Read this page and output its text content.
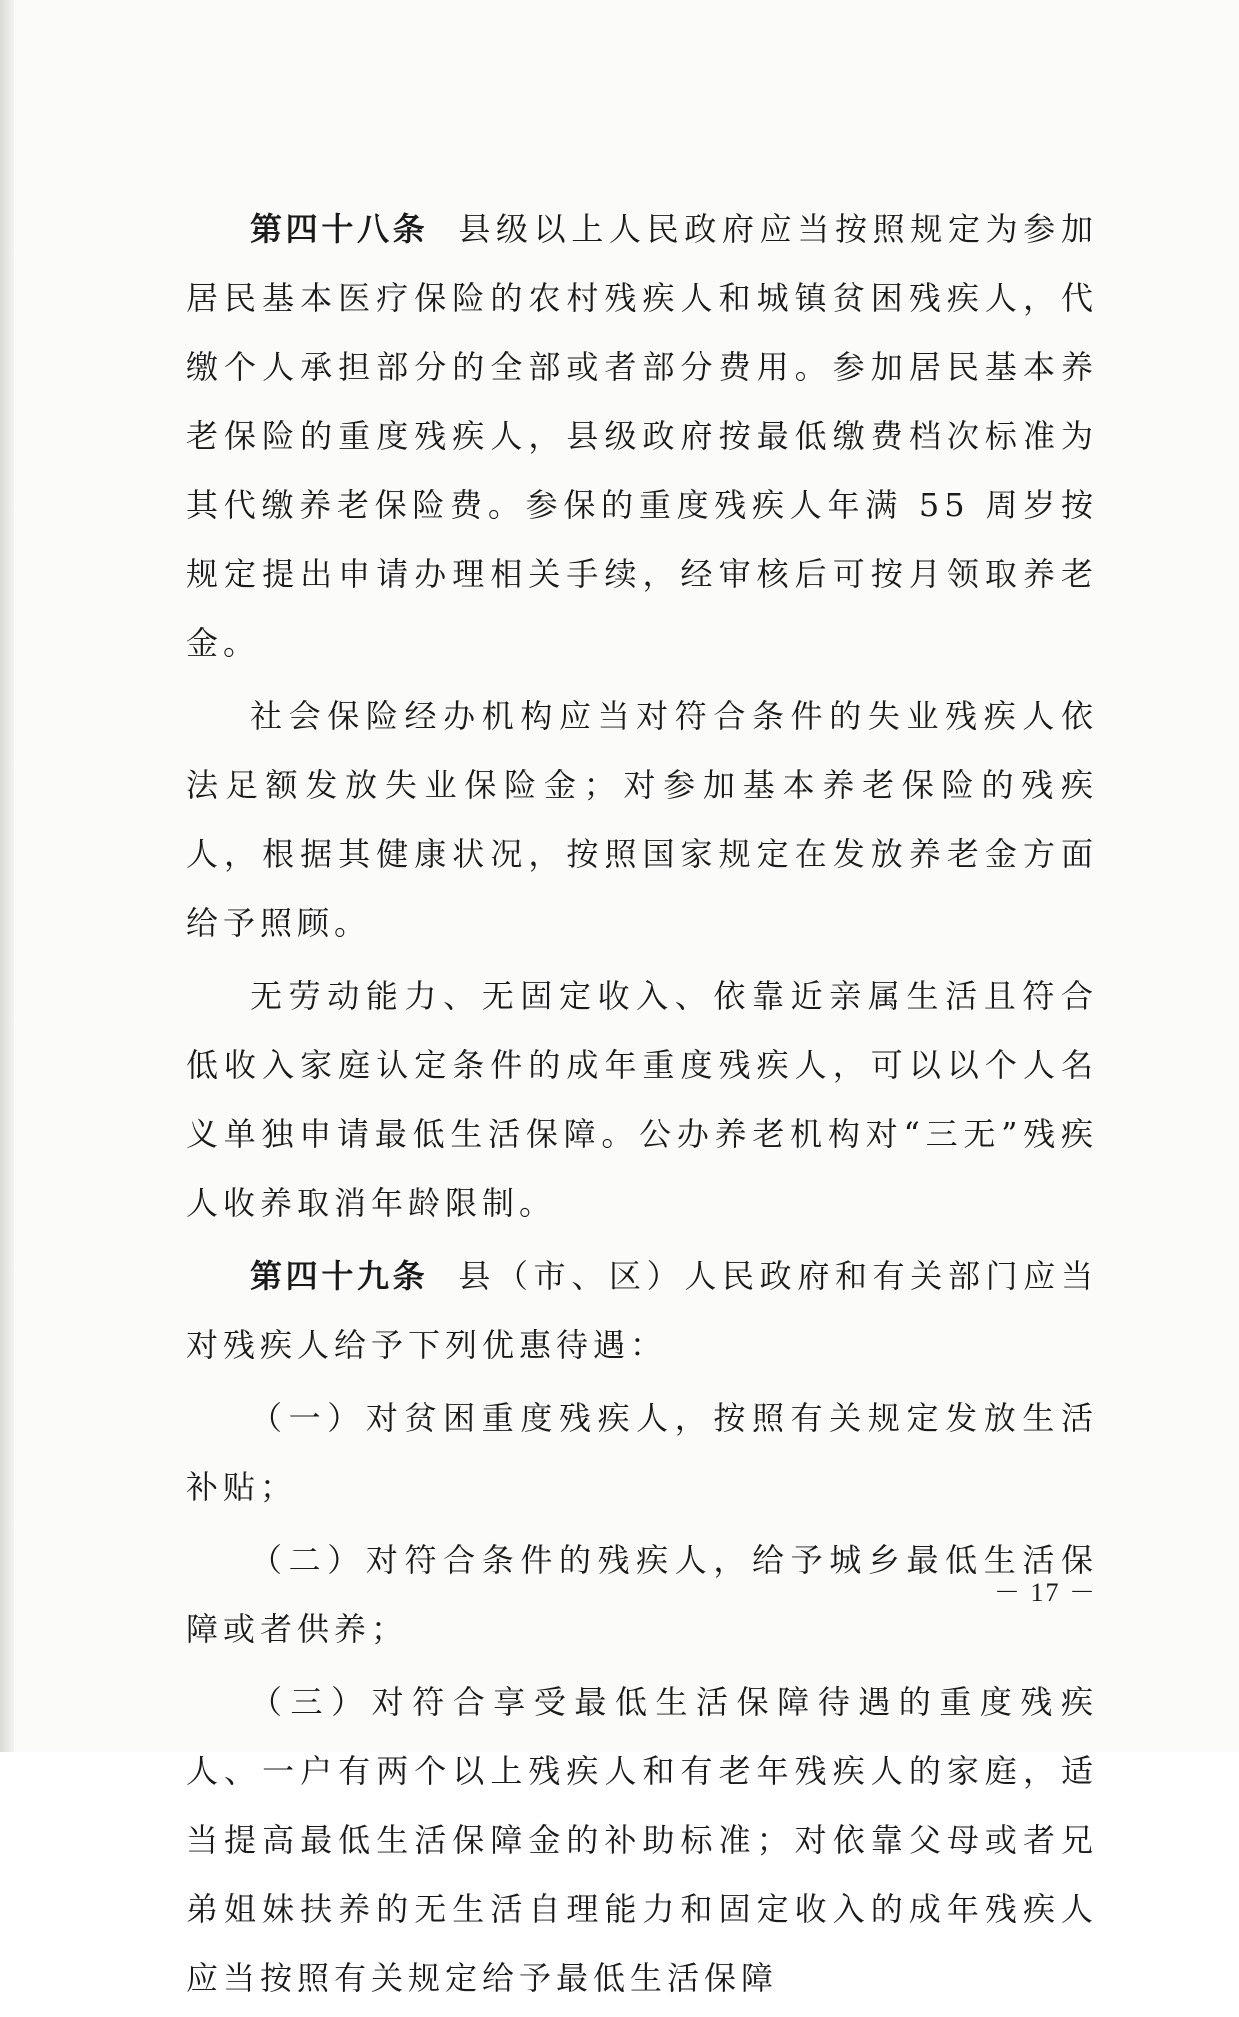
第四十八条 县级以上人民政府应当按照规定为参加居民基本医疗保险的农村残疾人和城镇贫困残疾人，代缴个人承担部分的全部或者部分费用。参加居民基本养老保险的重度残疾人，县级政府按最低缴费档次标准为其代缴养老保险费。参保的重度残疾人年满 55 周岁按规定提出申请办理相关手续，经审核后可按月领取养老金。

社会保险经办机构应当对符合条件的失业残疾人依法足额发放失业保险金；对参加基本养老保险的残疾人，根据其健康状况，按照国家规定在发放养老金方面给予照顾。

无劳动能力、无固定收入、依靠近亲属生活且符合低收入家庭认定条件的成年重度残疾人，可以以个人名义单独申请最低生活保障。公办养老机构对“三无”残疾人收养取消年龄限制。

第四十九条 县（市、区）人民政府和有关部门应当对残疾人给予下列优惠待遇：

（一）对贫困重度残疾人，按照有关规定发放生活补贴；

（二）对符合条件的残疾人，给予城乡最低生活保障或者供养；

（三）对符合享受最低生活保障待遇的重度残疾人、一户有两个以上残疾人和有老年残疾人的家庭，适当提高最低生活保障金的补助标准；对依靠父母或者兄弟姐妹扶养的无生活自理能力和固定收入的成年残疾人应当按照有关规定给予最低生活保障

－ 17 －
